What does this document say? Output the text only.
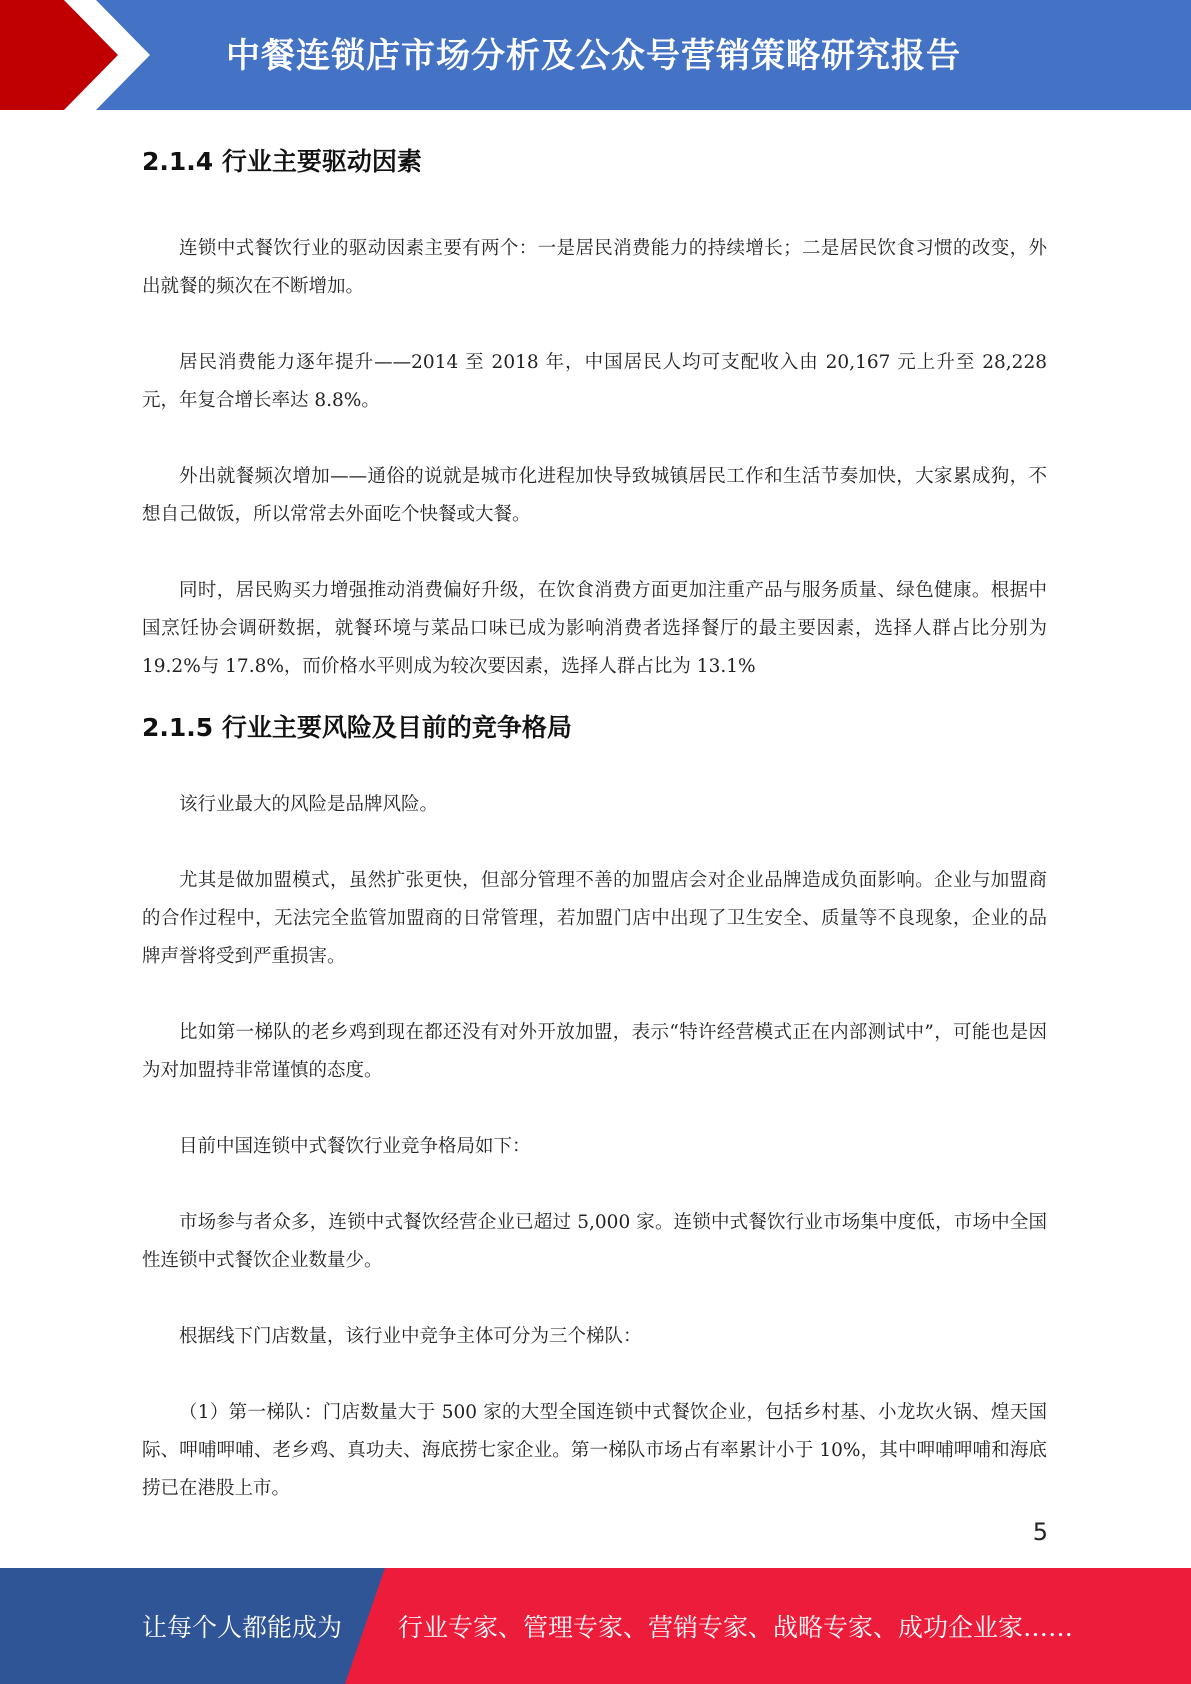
中餐连锁店市场分析及公众号营销策略研究报告
2.1.4 行业主要驱动因素

连锁中式餐饮行业的驱动因素主要有两个：一是居民消费能力的持续增长；二是居民饮食习惯的改变，外出就餐的频次在不断增加。

居民消费能力逐年提升——2014 至 2018 年，中国居民人均可支配收入由 20,167 元上升至 28,228 元，年复合增长率达 8.8%。

外出就餐频次增加——通俗的说就是城市化进程加快导致城镇居民工作和生活节奏加快，大家累成狗，不想自己做饭，所以常常去外面吃个快餐或大餐。

同时，居民购买力增强推动消费偏好升级，在饮食消费方面更加注重产品与服务质量、绿色健康。根据中国烹饪协会调研数据，就餐环境与菜品口味已成为影响消费者选择餐厅的最主要因素，选择人群占比分别为 19.2%与 17.8%，而价格水平则成为较次要因素，选择人群占比为 13.1%

2.1.5 行业主要风险及目前的竞争格局

该行业最大的风险是品牌风险。

尤其是做加盟模式，虽然扩张更快，但部分管理不善的加盟店会对企业品牌造成负面影响。企业与加盟商的合作过程中，无法完全监管加盟商的日常管理，若加盟门店中出现了卫生安全、质量等不良现象，企业的品牌声誉将受到严重损害。

比如第一梯队的老乡鸡到现在都还没有对外开放加盟，表示“特许经营模式正在内部测试中”，可能也是因为对加盟持非常谨慎的态度。

目前中国连锁中式餐饮行业竞争格局如下：

市场参与者众多，连锁中式餐饮经营企业已超过 5,000 家。连锁中式餐饮行业市场集中度低，市场中全国性连锁中式餐饮企业数量少。

根据线下门店数量，该行业中竞争主体可分为三个梯队：

（1）第一梯队：门店数量大于 500 家的大型全国连锁中式餐饮企业，包括乡村基、小龙坎火锅、煌天国际、呷哺呷哺、老乡鸡、真功夫、海底捞七家企业。第一梯队市场占有率累计小于 10%，其中呷哺呷哺和海底捞已在港股上市。

5
让每个人都能成为 行业专家、管理专家、营销专家、战略专家、成功企业家……
